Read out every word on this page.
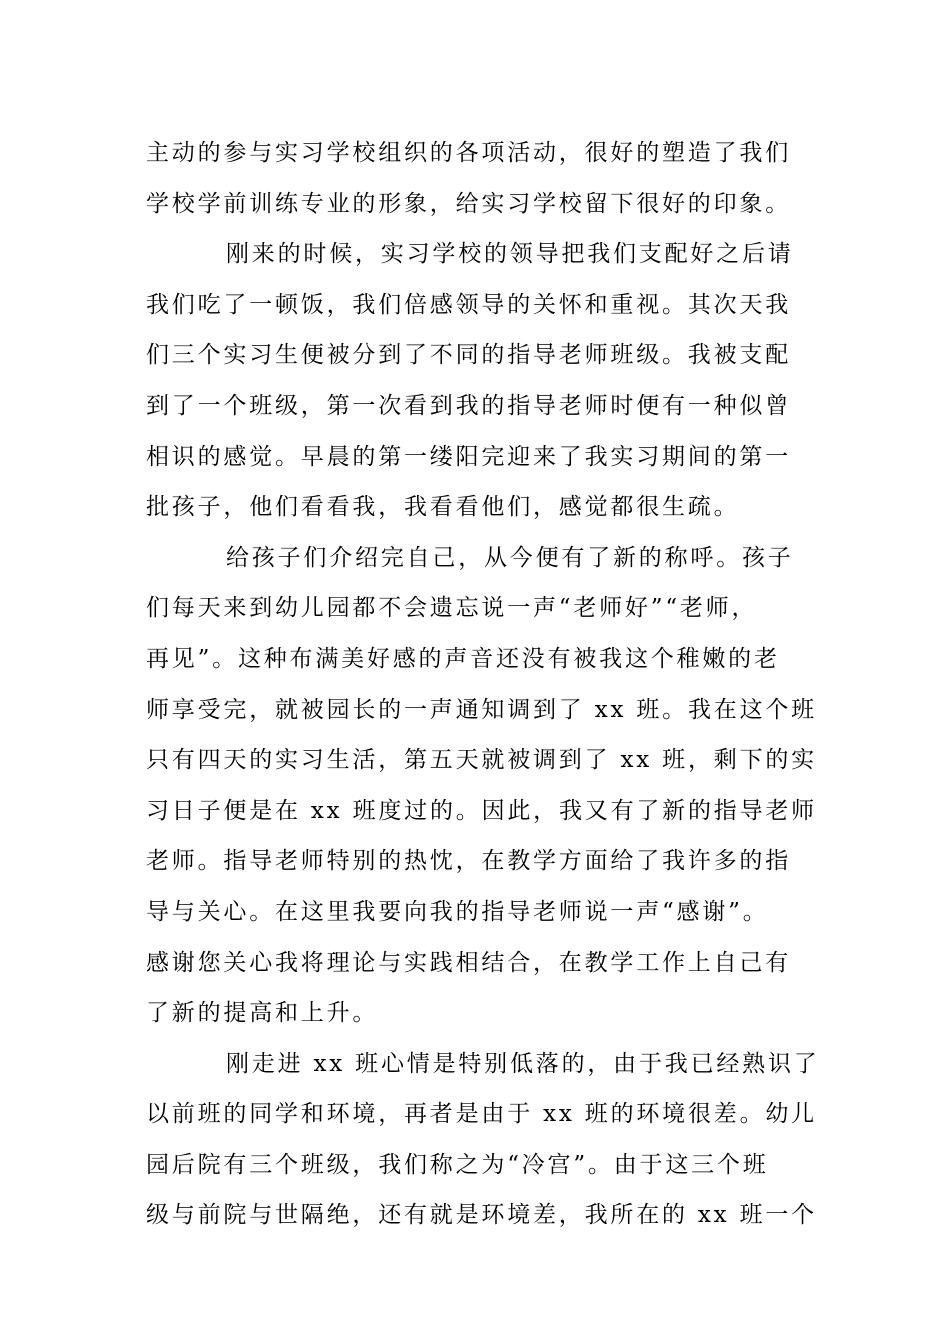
主动的参与实习学校组织的各项活动，很好的塑造了我们

学校学前训练专业的形象，给实习学校留下很好的印象。

刚来的时候，实习学校的领导把我们支配好之后请

我们吃了一顿饭，我们倍感领导的关怀和重视。其次天我

们三个实习生便被分到了不同的指导老师班级。我被支配

到了一个班级，第一次看到我的指导老师时便有一种似曾

相识的感觉。早晨的第一缕阳完迎来了我实习期间的第一

批孩子，他们看看我，我看看他们，感觉都很生疏。

给孩子们介绍完自己，从今便有了新的称呼。孩子

们每天来到幼儿园都不会遗忘说一声“老师好”“老师，

再见”。这种布满美好感的声音还没有被我这个稚嫩的老

师享受完，就被园长的一声通知调到了 xx 班。我在这个班

只有四天的实习生活，第五天就被调到了 xx 班，剩下的实

习日子便是在 xx 班度过的。因此，我又有了新的指导老师

老师。指导老师特别的热忱，在教学方面给了我许多的指

导与关心。在这里我要向我的指导老师说一声“感谢”。

感谢您关心我将理论与实践相结合，在教学工作上自己有

了新的提高和上升。

刚走进 xx 班心情是特别低落的，由于我已经熟识了

以前班的同学和环境，再者是由于 xx 班的环境很差。幼儿

园后院有三个班级，我们称之为“冷宫”。由于这三个班

级与前院与世隔绝，还有就是环境差，我所在的 xx 班一个
